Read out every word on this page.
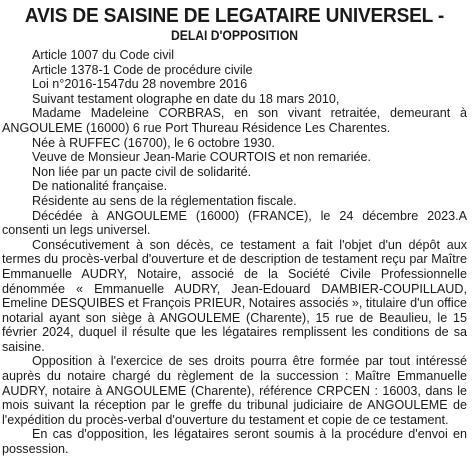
AVIS DE SAISINE DE LEGATAIRE UNIVERSEL -
DELAI D'OPPOSITION

Article 1007 du Code civil

Article 1378-1 Code de procédure civile

Loi n°2016-1547du 28 novembre 2016

Suivant testament olographe en date du 18 mars 2010,

Madame Madeleine CORBRAS, en son vivant retraitée, demeurant à ANGOULEME (16000) 6 rue Port Thureau Résidence Les Charentes.

Née à RUFFEC (16700), le 6 octobre 1930.

Veuve de Monsieur Jean-Marie COURTOIS et non remariée.

Non liée par un pacte civil de solidarité.

De nationalité française.

Résidente au sens de la réglementation fiscale.

Décédée à ANGOULEME (16000) (FRANCE), le 24 décembre 2023.A consenti un legs universel.

Consécutivement à son décès, ce testament a fait l'objet d'un dépôt aux termes du procès-verbal d'ouverture et de description de testament reçu par Maître Emmanuelle AUDRY, Notaire, associé de la Société Civile Professionnelle dénommée « Emmanuelle AUDRY, Jean-Edouard DAMBIER-COUPILLAUD, Emeline DESQUIBES et François PRIEUR, Notaires associés », titulaire d'un office notarial ayant son siège à ANGOULEME (Charente), 15 rue de Beaulieu, le 15 février 2024, duquel il résulte que les légataires remplissent les conditions de sa saisine.

Opposition à l'exercice de ses droits pourra être formée par tout intéressé auprès du notaire chargé du règlement de la succession : Maître Emmanuelle AUDRY, notaire à ANGOULEME (Charente), référence CRPCEN : 16003, dans le mois suivant la réception par le greffe du tribunal judiciaire de ANGOULEME de l'expédition du procès-verbal d'ouverture du testament et copie de ce testament.

En cas d'opposition, les légataires seront soumis à la procédure d'envoi en possession.
